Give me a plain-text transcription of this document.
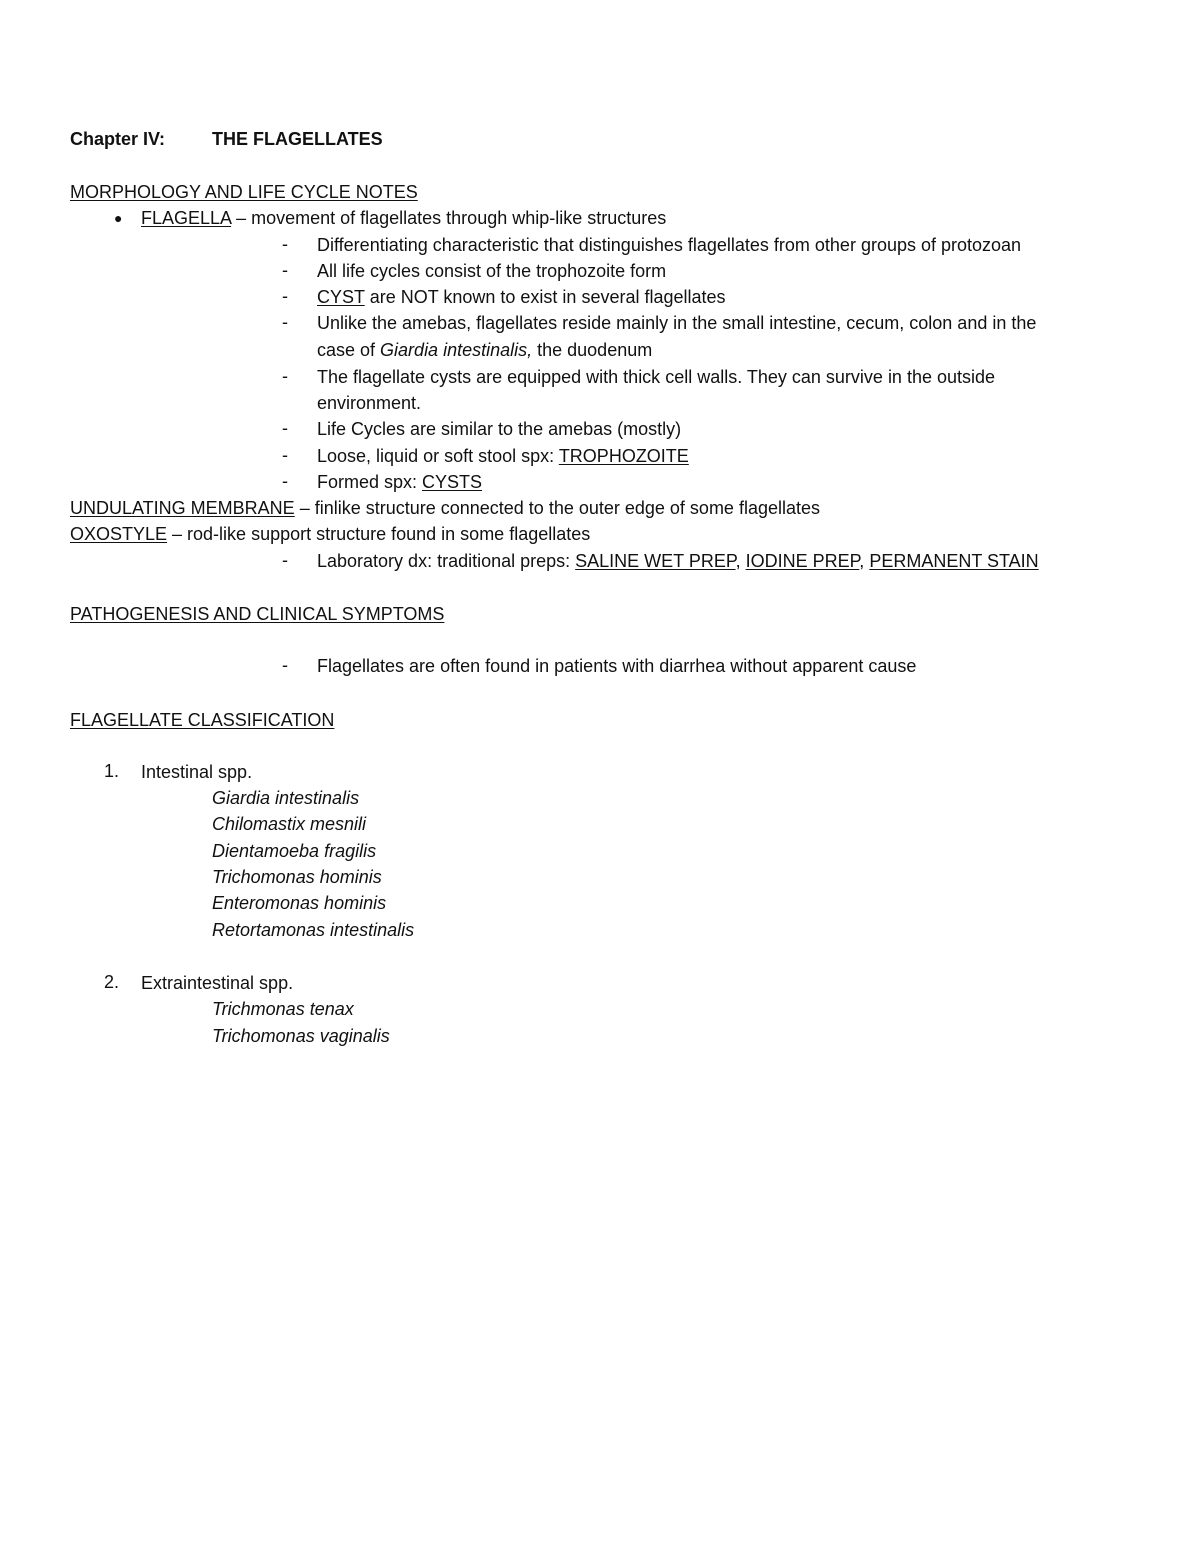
Chapter IV:	THE FLAGELLATES
MORPHOLOGY AND LIFE CYCLE NOTES
● FLAGELLA – movement of flagellates through whip-like structures
- Differentiating characteristic that distinguishes flagellates from other groups of protozoan
- All life cycles consist of the trophozoite form
- CYST are NOT known to exist in several flagellates
- Unlike the amebas, flagellates reside mainly in the small intestine, cecum, colon and in the
case of Giardia intestinalis, the duodenum
- The flagellate cysts are equipped with thick cell walls. They can survive in the outside
environment.
- Life Cycles are similar to the amebas (mostly)
- Loose, liquid or soft stool spx: TROPHOZOITE
- Formed spx: CYSTS
UNDULATING MEMBRANE – finlike structure connected to the outer edge of some flagellates
OXOSTYLE – rod-like support structure found in some flagellates
- Laboratory dx: traditional preps: SALINE WET PREP, IODINE PREP, PERMANENT STAIN
PATHOGENESIS AND CLINICAL SYMPTOMS
- Flagellates are often found in patients with diarrhea without apparent cause
FLAGELLATE CLASSIFICATION
1. Intestinal spp.
Giardia intestinalis
Chilomastix mesnili
Dientamoeba fragilis
Trichomonas hominis
Enteromonas hominis
Retortamonas intestinalis
2. Extraintestinal spp.
Trichmonas tenax
Trichomonas vaginalis
